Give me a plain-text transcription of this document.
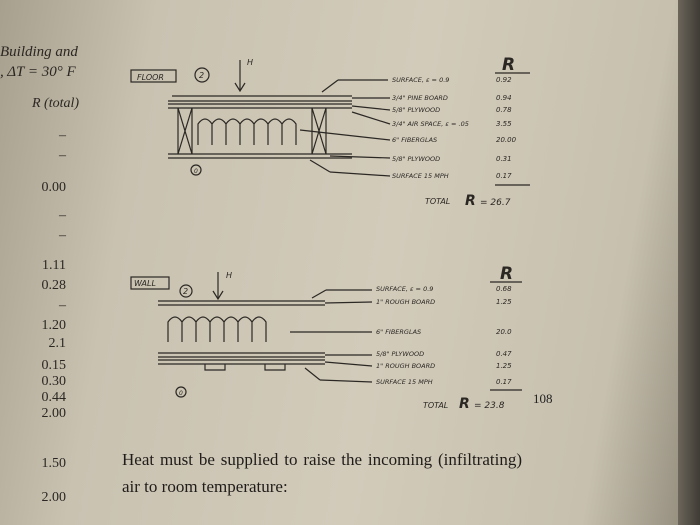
Building and
, ΔT = 30° F
R (total)
–
–
0.00
–
–
1.11
0.28
–
1.20
2.1
0.15
0.30
0.44
2.00
1.50
2.00
FLOOR	2
0
H	R
SURFACE, ε = 0.9	0.92
3/4" PINE BOARD	0.94
5/8" PLYWOOD	0.78
3/4" AIR SPACE, ε = .05	3.55
6" FIBERGLAS	20.00
5/8" PLYWOOD	0.31
SURFACE 15 MPH	0.17
TOTAL R = 26.7
WALL
2
0
H	R
SURFACE, ε = 0.9	0.68
1" ROUGH BOARD	1.25
6" FIBERGLAS	20.0
5/8" PLYWOOD	0.47
1" ROUGH BOARD	1.25
SURFACE 15 MPH	0.17
TOTAL R = 23.8 108
Heat must be supplied to raise the incoming (infiltrating) air to room temperature:
